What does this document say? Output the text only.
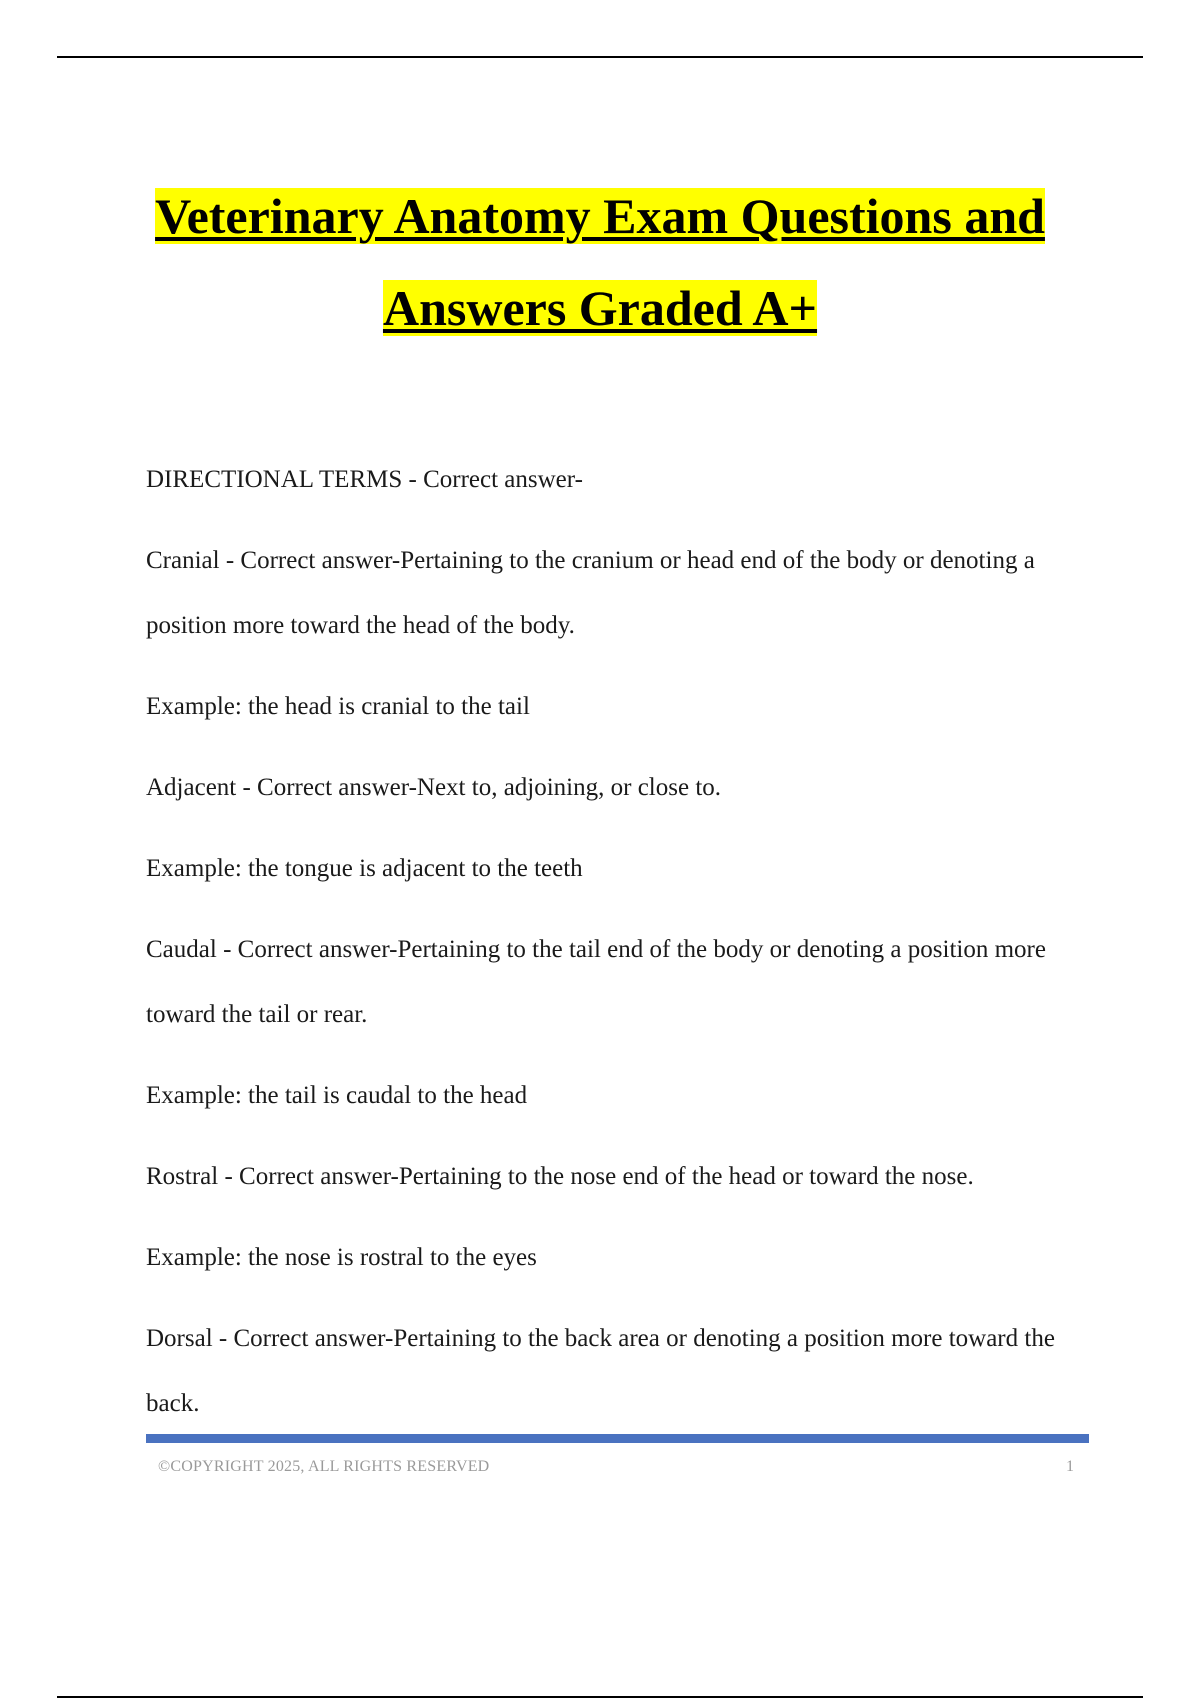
Veterinary Anatomy Exam Questions and
Answers Graded A+

DIRECTIONAL TERMS - Correct answer-

Cranial - Correct answer-Pertaining to the cranium or head end of the body or denoting a position more toward the head of the body.

Example: the head is cranial to the tail

Adjacent - Correct answer-Next to, adjoining, or close to.

Example: the tongue is adjacent to the teeth

Caudal - Correct answer-Pertaining to the tail end of the body or denoting a position more toward the tail or rear.

Example: the tail is caudal to the head

Rostral - Correct answer-Pertaining to the nose end of the head or toward the nose.

Example: the nose is rostral to the eyes

Dorsal - Correct answer-Pertaining to the back area or denoting a position more toward the back.

©COPYRIGHT 2025, ALL RIGHTS RESERVED	1
